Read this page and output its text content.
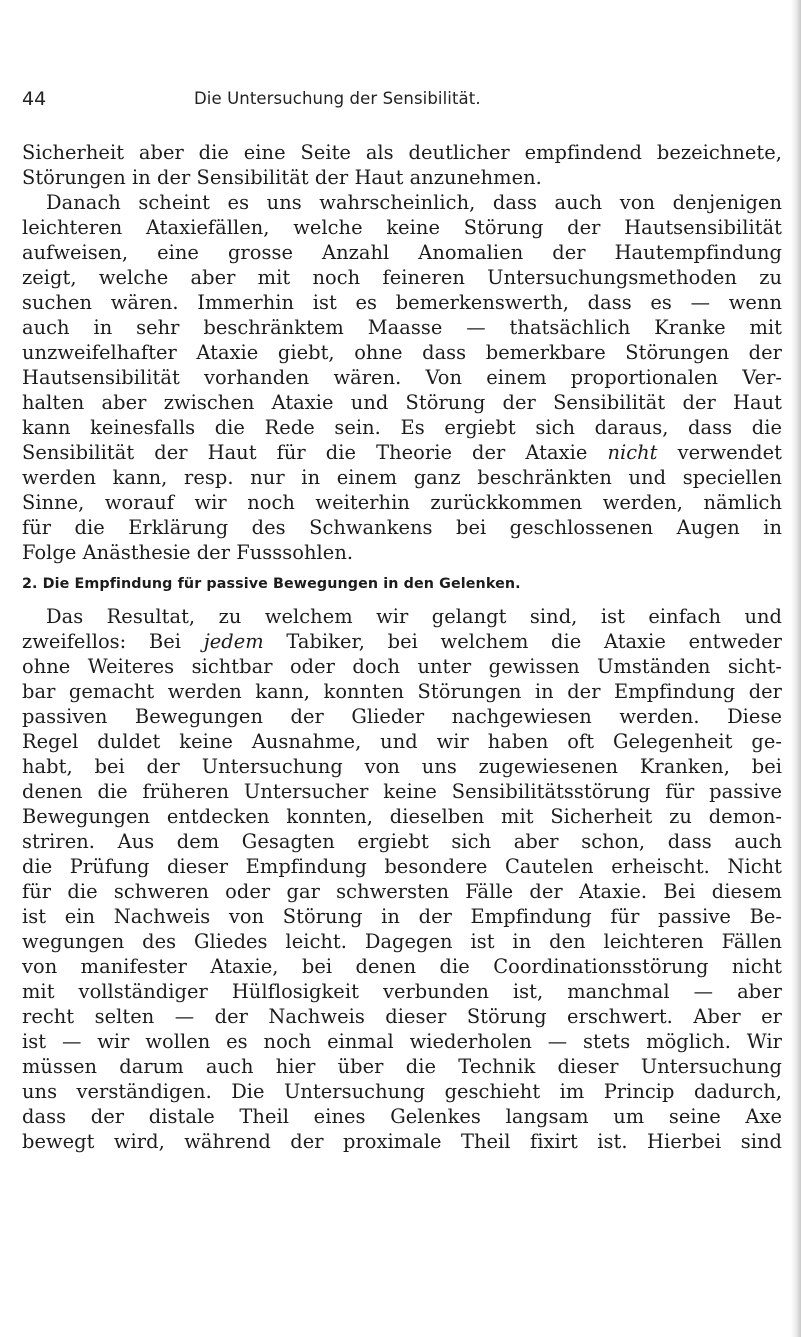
44	Die Untersuchung der Sensibilität.
Sicherheit aber die eine Seite als deutlicher empfindend bezeichnete,
Störungen in der Sensibilität der Haut anzunehmen.
Danach scheint es uns wahrscheinlich, dass auch von denjenigen
leichteren Ataxiefällen, welche keine Störung der Hautsensibilität
aufweisen, eine grosse Anzahl Anomalien der Hautempfindung
zeigt, welche aber mit noch feineren Untersuchungsmethoden zu
suchen wären. Immerhin ist es bemerkenswerth, dass es — wenn
auch in sehr beschränktem Maasse — thatsächlich Kranke mit
unzweifelhafter Ataxie giebt, ohne dass bemerkbare Störungen der
Hautsensibilität vorhanden wären. Von einem proportionalen Ver-
halten aber zwischen Ataxie und Störung der Sensibilität der Haut
kann keinesfalls die Rede sein. Es ergiebt sich daraus, dass die
Sensibilität der Haut für die Theorie der Ataxie nicht verwendet
werden kann, resp. nur in einem ganz beschränkten und speciellen
Sinne, worauf wir noch weiterhin zurückkommen werden, nämlich
für die Erklärung des Schwankens bei geschlossenen Augen in
Folge Anästhesie der Fusssohlen.
2. Die Empfindung für passive Bewegungen in den Gelenken.
Das Resultat, zu welchem wir gelangt sind, ist einfach und
zweifellos: Bei jedem Tabiker, bei welchem die Ataxie entweder
ohne Weiteres sichtbar oder doch unter gewissen Umständen sicht-
bar gemacht werden kann, konnten Störungen in der Empfindung der
passiven Bewegungen der Glieder nachgewiesen werden. Diese
Regel duldet keine Ausnahme, und wir haben oft Gelegenheit ge-
habt, bei der Untersuchung von uns zugewiesenen Kranken, bei
denen die früheren Untersucher keine Sensibilitätsstörung für passive
Bewegungen entdecken konnten, dieselben mit Sicherheit zu demon-
striren. Aus dem Gesagten ergiebt sich aber schon, dass auch
die Prüfung dieser Empfindung besondere Cautelen erheischt. Nicht
für die schweren oder gar schwersten Fälle der Ataxie. Bei diesem
ist ein Nachweis von Störung in der Empfindung für passive Be-
wegungen des Gliedes leicht. Dagegen ist in den leichteren Fällen
von manifester Ataxie, bei denen die Coordinationsstörung nicht
mit vollständiger Hülflosigkeit verbunden ist, manchmal — aber
recht selten — der Nachweis dieser Störung erschwert. Aber er
ist — wir wollen es noch einmal wiederholen — stets möglich. Wir
müssen darum auch hier über die Technik dieser Untersuchung
uns verständigen. Die Untersuchung geschieht im Princip dadurch,
dass der distale Theil eines Gelenkes langsam um seine Axe
bewegt wird, während der proximale Theil fixirt ist. Hierbei sind
